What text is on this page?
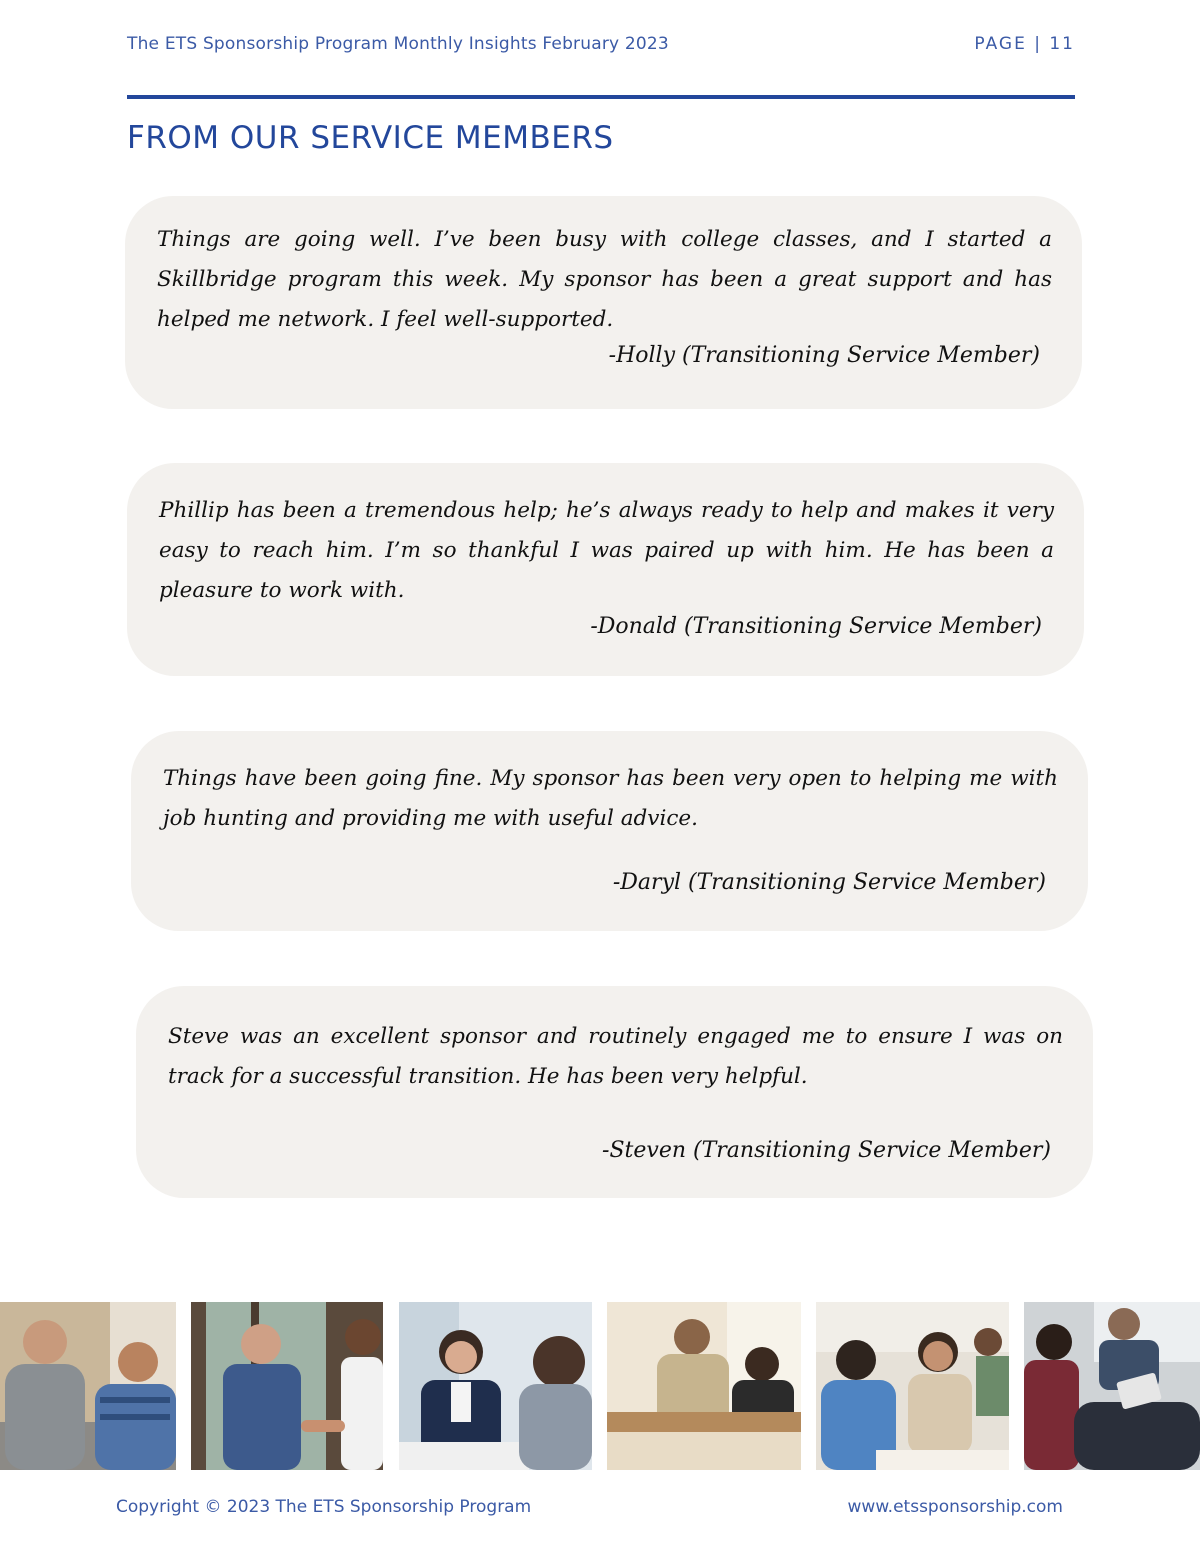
The ETS Sponsorship Program Monthly Insights February 2023	PAGE | 11
FROM OUR SERVICE MEMBERS

Things are going well. I’ve been busy with college classes, and I started a Skillbridge program this week. My sponsor has been a great support and has helped me network. I feel well-supported.

-Holly (Transitioning Service Member)

Phillip has been a tremendous help; he’s always ready to help and makes it very easy to reach him. I’m so thankful I was paired up with him. He has been a pleasure to work with.

-Donald (Transitioning Service Member)

Things have been going fine. My sponsor has been very open to helping me with job hunting and providing me with useful advice.

-Daryl (Transitioning Service Member)

Steve was an excellent sponsor and routinely engaged me to ensure I was on track for a successful transition. He has been very helpful.

-Steven (Transitioning Service Member)
Copyright © 2023 The ETS Sponsorship Program	www.etssponsorship.com
